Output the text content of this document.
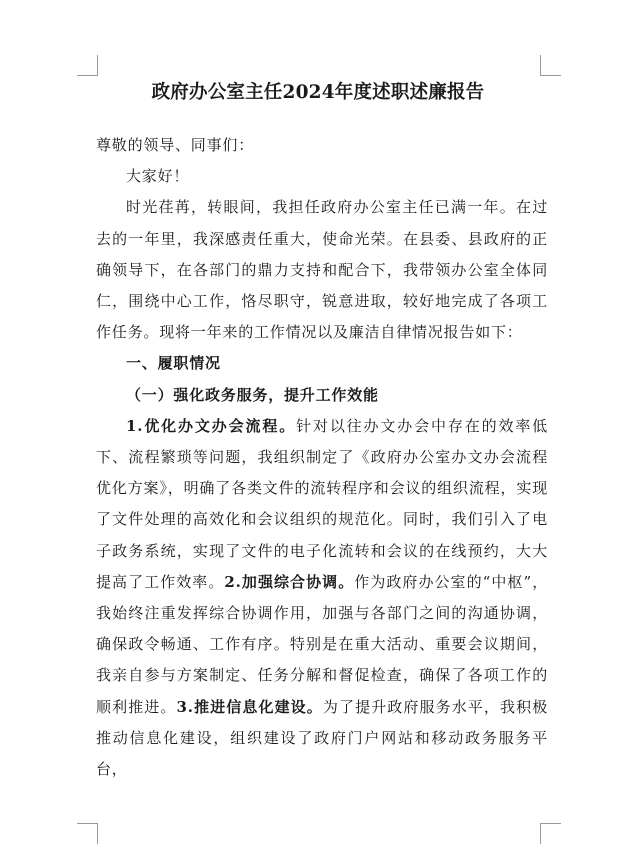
政府办公室主任2024年度述职述廉报告

尊敬的领导、同事们：

大家好！

时光荏苒，转眼间，我担任政府办公室主任已满一年。在过去的一年里，我深感责任重大，使命光荣。在县委、县政府的正确领导下，在各部门的鼎力支持和配合下，我带领办公室全体同仁，围绕中心工作，恪尽职守，锐意进取，较好地完成了各项工作任务。现将一年来的工作情况以及廉洁自律情况报告如下：

一、履职情况

（一）强化政务服务，提升工作效能

1.优化办文办会流程。针对以往办文办会中存在的效率低下、流程繁琐等问题，我组织制定了《政府办公室办文办会流程优化方案》，明确了各类文件的流转程序和会议的组织流程，实现了文件处理的高效化和会议组织的规范化。同时，我们引入了电子政务系统，实现了文件的电子化流转和会议的在线预约，大大提高了工作效率。2.加强综合协调。作为政府办公室的“中枢”，我始终注重发挥综合协调作用，加强与各部门之间的沟通协调，确保政令畅通、工作有序。特别是在重大活动、重要会议期间，我亲自参与方案制定、任务分解和督促检查，确保了各项工作的顺利推进。3.推进信息化建设。为了提升政府服务水平，我积极推动信息化建设，组织建设了政府门户网站和移动政务服务平台，
